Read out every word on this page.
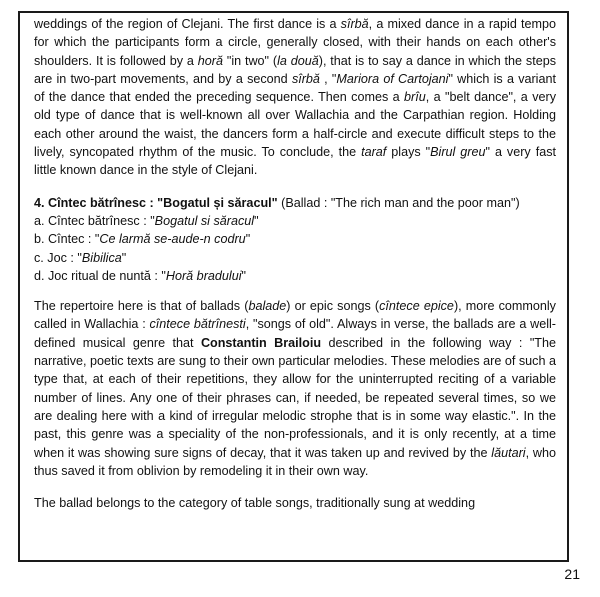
weddings of the region of Clejani. The first dance is a sîrbă, a mixed dance in a rapid tempo for which the participants form a circle, generally closed, with their hands on each other's shoulders. It is followed by a horă "in two" (la două), that is to say a dance in which the steps are in two-part movements, and by a second sîrbă , "Mariora of Cartojani" which is a variant of the dance that ended the preceding sequence. Then comes a brîu, a "belt dance", a very old type of dance that is well-known all over Wallachia and the Carpathian region. Holding each other around the waist, the dancers form a half-circle and execute difficult steps to the lively, syncopated rhythm of the music. To conclude, the taraf plays "Birul greu" a very fast little known dance in the style of Clejani.

4. Cîntec bătrînesc : "Bogatul și săracul" (Ballad : "The rich man and the poor man")

a. Cîntec bătrînesc : "Bogatul si săracul"

b. Cîntec : "Ce larmă se-aude-n codru"

c. Joc : "Bibilica"

d. Joc ritual de nuntă : "Horă bradului"

The repertoire here is that of ballads (balade) or epic songs (cîntece epice), more commonly called in Wallachia : cîntece bătrînesti, "songs of old". Always in verse, the ballads are a well-defined musical genre that Constantin Brailoiu described in the following way : "The narrative, poetic texts are sung to their own particular melodies. These melodies are of such a type that, at each of their repetitions, they allow for the uninterrupted reciting of a variable number of lines. Any one of their phrases can, if needed, be repeated several times, so we are dealing here with a kind of irregular melodic strophe that is in some way elastic.". In the past, this genre was a speciality of the non-professionals, and it is only recently, at a time when it was showing sure signs of decay, that it was taken up and revived by the lăutari, who thus saved it from oblivion by remodeling it in their own way.

The ballad belongs to the category of table songs, traditionally sung at wedding

21
